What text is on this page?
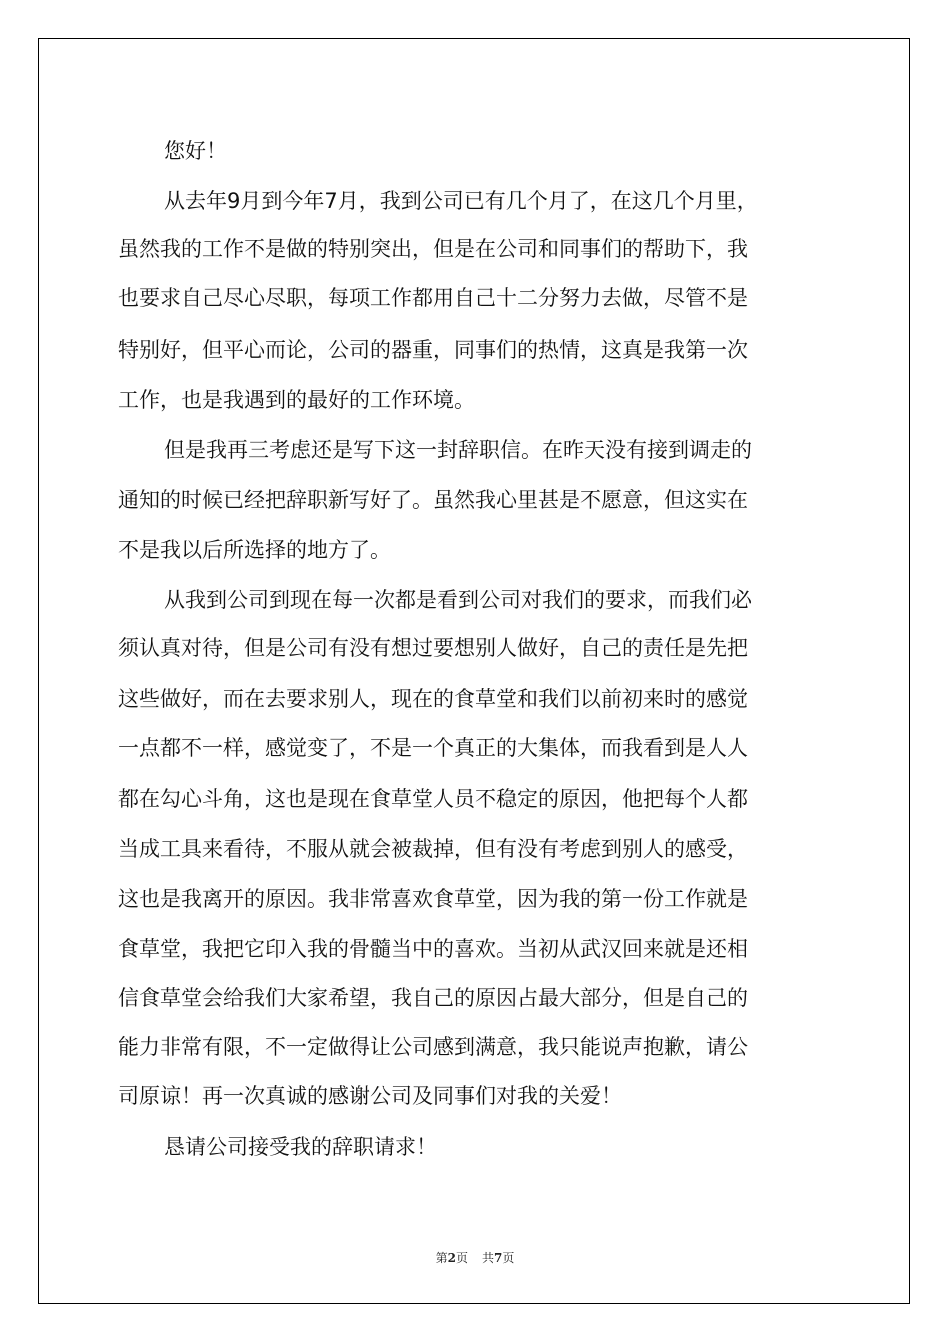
您好！
从去年9月到今年7月，我到公司已有几个月了，在这几个月里，
虽然我的工作不是做的特别突出，但是在公司和同事们的帮助下，我
也要求自己尽心尽职，每项工作都用自己十二分努力去做，尽管不是
特别好，但平心而论，公司的器重，同事们的热情，这真是我第一次
工作，也是我遇到的最好的工作环境。
但是我再三考虑还是写下这一封辞职信。在昨天没有接到调走的
通知的时候已经把辞职新写好了。虽然我心里甚是不愿意，但这实在
不是我以后所选择的地方了。
从我到公司到现在每一次都是看到公司对我们的要求，而我们必
须认真对待，但是公司有没有想过要想别人做好，自己的责任是先把
这些做好，而在去要求别人，现在的食草堂和我们以前初来时的感觉
一点都不一样，感觉变了，不是一个真正的大集体，而我看到是人人
都在勾心斗角，这也是现在食草堂人员不稳定的原因，他把每个人都
当成工具来看待，不服从就会被裁掉，但有没有考虑到别人的感受，
这也是我离开的原因。我非常喜欢食草堂，因为我的第一份工作就是
食草堂，我把它印入我的骨髓当中的喜欢。当初从武汉回来就是还相
信食草堂会给我们大家希望，我自己的原因占最大部分，但是自己的
能力非常有限，不一定做得让公司感到满意，我只能说声抱歉，请公
司原谅！再一次真诚的感谢公司及同事们对我的关爱！
恳请公司接受我的辞职请求！
第2页 共7页
